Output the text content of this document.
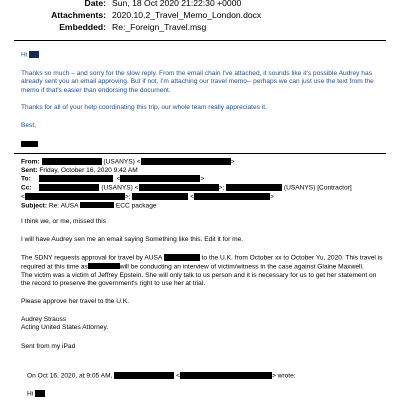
Date: Sun, 18 Oct 2020 21:22:30 +0000
Attachments: 2020.10.2_Travel_Memo_London.docx
Embedded: Re:_Foreign_Travel.msg
Hi

Thanks so much – and sorry for the slow reply. From the email chain I've attached, it sounds like it's possible Audrey has already sent you an email approving. But if not, I'm attaching our travel memo-- perhaps we can just use the text from the memo if that's easier than endorsing the document.

Thanks for all of your help coordinating this trip, our whole team really appreciates it.

Best,

From:	(USANYS) <	>

Sent: Friday, October 16, 2020 9:42 AM

To:	<	>

Cc:	(USANYS) <	>;	(USANYS) [Contractor]

<	>;	<	>

Subject: Re: AUSA	ECC package

I think we, or me, missed this

I will have Audrey sen me an email saying Something like this. Edit it for me.

The SDNY requests approval for travel by AUSA	to the U.K. from October xx to October Yu, 2020. This travel is

required at this time as	will be conducting an interview of victim/witness in the case against Glaine Maxwell.

The victim was a victim of Jeffrey Epstein. She will only talk to us person and it is necessary for us to get her statement on

the record to preserve the government's right to use her at trial.

Please approve her travel to the U.K.

Audrey Strauss

Acting United States Attorney.

Sent from my iPad

On Oct 16, 2020, at 9:05 AM,	<	> wrote:

Hi
